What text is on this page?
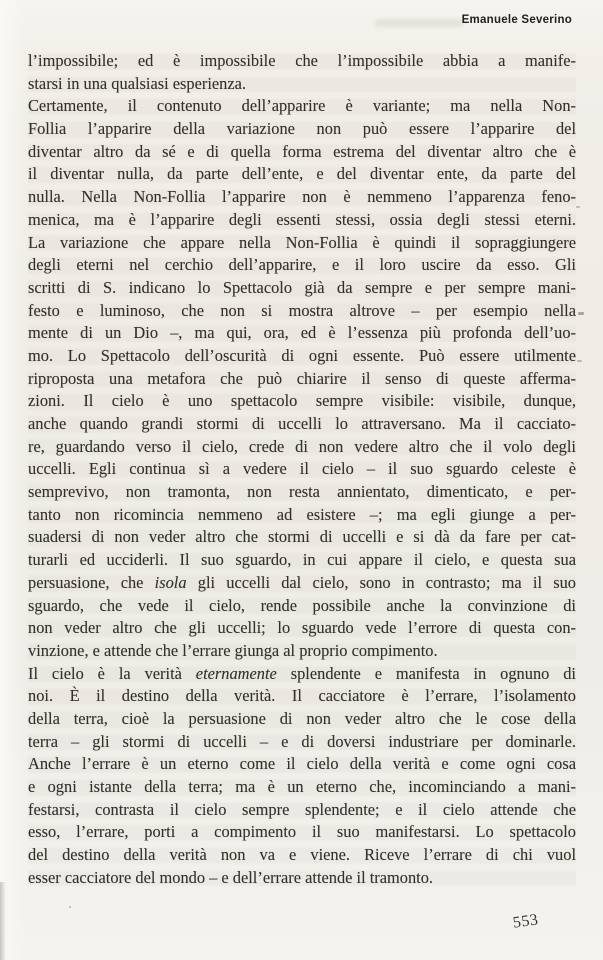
Emanuele Severino
l’impossibile; ed è impossibile che l’impossibile abbia a manife-
starsi in una qualsiasi esperienza.
Certamente, il contenuto dell’apparire è variante; ma nella Non-
Follia l’apparire della variazione non può essere l’apparire del
diventar altro da sé e di quella forma estrema del diventar altro che è
il diventar nulla, da parte dell’ente, e del diventar ente, da parte del
nulla. Nella Non-Follia l’apparire non è nemmeno l’apparenza feno-
menica, ma è l’apparire degli essenti stessi, ossia degli stessi eterni.
La variazione che appare nella Non-Follia è quindi il sopraggiungere
degli eterni nel cerchio dell’apparire, e il loro uscire da esso. Gli
scritti di S. indicano lo Spettacolo già da sempre e per sempre mani-
festo e luminoso, che non si mostra altrove – per esempio nella
mente di un Dio –, ma qui, ora, ed è l’essenza più profonda dell’uo-
mo. Lo Spettacolo dell’oscurità di ogni essente. Può essere utilmente
riproposta una metafora che può chiarire il senso di queste afferma-
zioni. Il cielo è uno spettacolo sempre visibile: visibile, dunque,
anche quando grandi stormi di uccelli lo attraversano. Ma il cacciato-
re, guardando verso il cielo, crede di non vedere altro che il volo degli
uccelli. Egli continua sì a vedere il cielo – il suo sguardo celeste è
semprevivo, non tramonta, non resta annientato, dimenticato, e per-
tanto non ricomincia nemmeno ad esistere –; ma egli giunge a per-
suadersi di non veder altro che stormi di uccelli e si dà da fare per cat-
turarli ed ucciderli. Il suo sguardo, in cui appare il cielo, e questa sua
persuasione, che isola gli uccelli dal cielo, sono in contrasto; ma il suo
sguardo, che vede il cielo, rende possibile anche la convinzione di
non veder altro che gli uccelli; lo sguardo vede l’errore di questa con-
vinzione, e attende che l’errare giunga al proprio compimento.
Il cielo è la verità eternamente splendente e manifesta in ognuno di
noi. È il destino della verità. Il cacciatore è l’errare, l’isolamento
della terra, cioè la persuasione di non veder altro che le cose della
terra – gli stormi di uccelli – e di doversi industriare per dominarle.
Anche l’errare è un eterno come il cielo della verità e come ogni cosa
e ogni istante della terra; ma è un eterno che, incominciando a mani-
festarsi, contrasta il cielo sempre splendente; e il cielo attende che
esso, l’errare, porti a compimento il suo manifestarsi. Lo spettacolo
del destino della verità non va e viene. Riceve l’errare di chi vuol
esser cacciatore del mondo – e dell’errare attende il tramonto.
553
